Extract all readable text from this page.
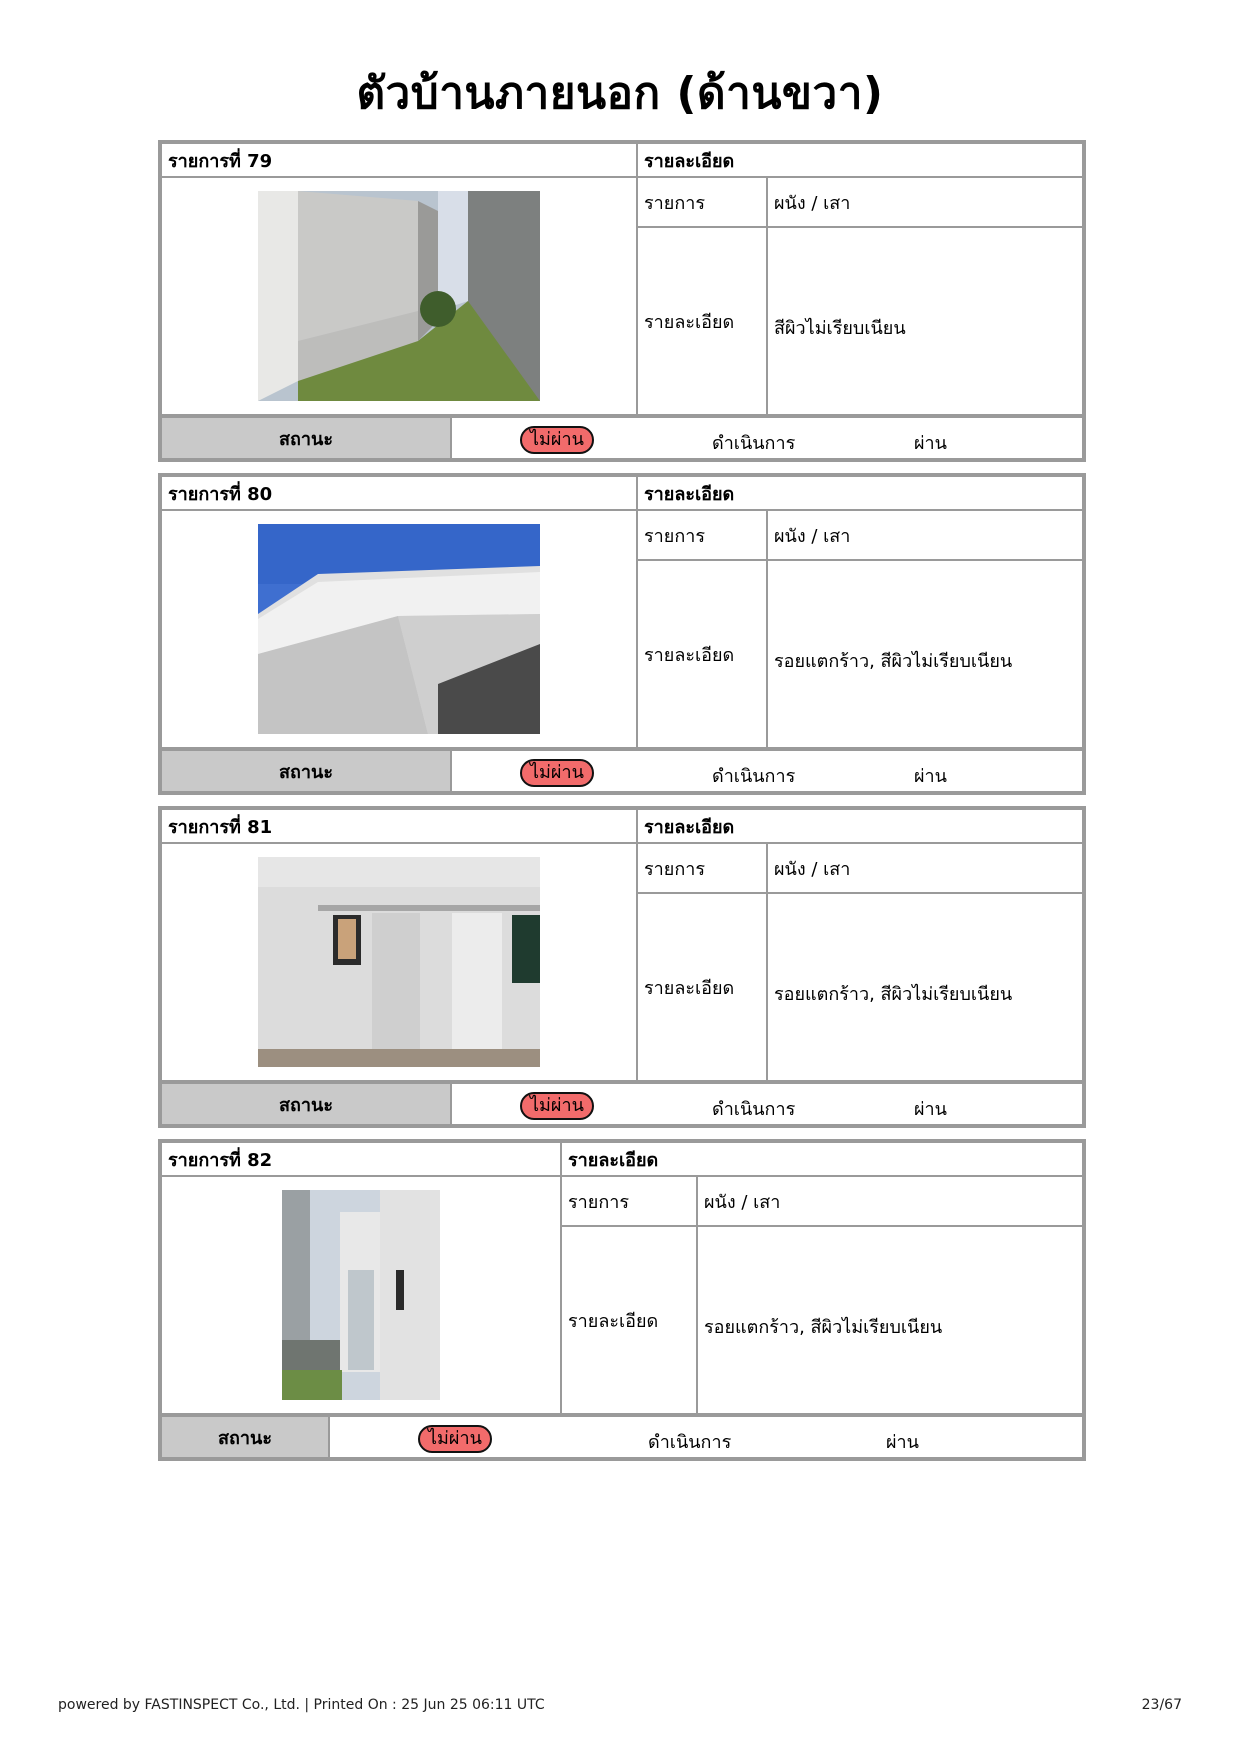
ตัวบ้านภายนอก (ด้านขวา)
รายการที่ 79	รายละเอียด	

	รายการ	ผนัง / เสา
	รายละเอียด	สีผิวไม่เรียบเนียน
สถานะ	ไม่ผ่าน	ดำเนินการ	ผ่าน
รายการที่ 80	รายละเอียด	

	รายการ	ผนัง / เสา
	รายละเอียด	รอยแตกร้าว, สีผิวไม่เรียบเนียน
สถานะ	ไม่ผ่าน	ดำเนินการ	ผ่าน
รายการที่ 81	รายละเอียด	

	รายการ	ผนัง / เสา
	รายละเอียด	รอยแตกร้าว, สีผิวไม่เรียบเนียน
สถานะ	ไม่ผ่าน	ดำเนินการ	ผ่าน
รายการที่ 82	รายละเอียด	

	รายการ	ผนัง / เสา
	รายละเอียด	รอยแตกร้าว, สีผิวไม่เรียบเนียน
สถานะ	ไม่ผ่าน	ดำเนินการ	ผ่าน
powered by FASTINSPECT Co., Ltd. | Printed On : 25 Jun 25 06:11 UTC	23/67
